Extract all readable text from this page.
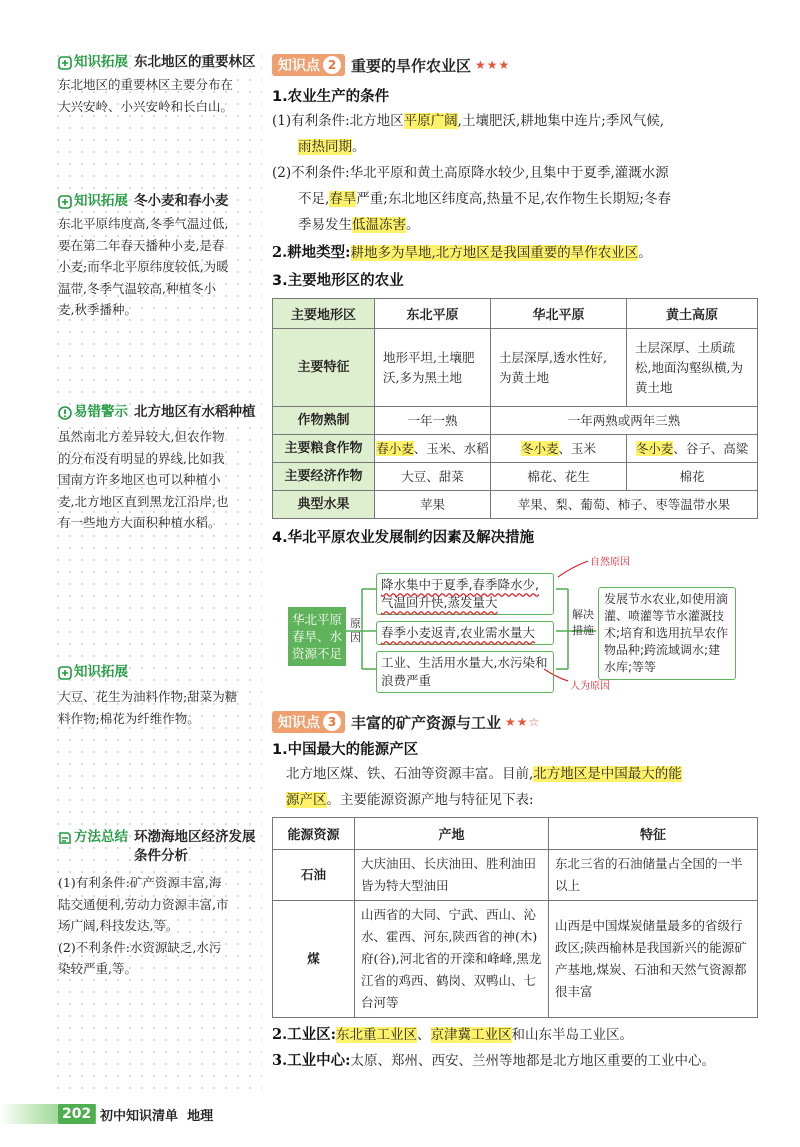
知识拓展 东北地区的重要林区

东北地区的重要林区主要分布在

大兴安岭、小兴安岭和长白山。

知识拓展 冬小麦和春小麦

东北平原纬度高,冬季气温过低,

要在第二年春天播种小麦,是春

小麦;而华北平原纬度较低,为暖

温带,冬季气温较高,种植冬小

麦,秋季播种。

易错警示 北方地区有水稻种植

虽然南北方差异较大,但农作物

的分布没有明显的界线,比如我

国南方许多地区也可以种植小

麦,北方地区直到黑龙江沿岸,也

有一些地方大面积种植水稻。

知识拓展

大豆、花生为油料作物;甜菜为糖

料作物;棉花为纤维作物。

方法总结 环渤海地区经济发展条件分析

(1)有利条件:矿产资源丰富,海

陆交通便利,劳动力资源丰富,市

场广阔,科技发达,等。

(2)不利条件:水资源缺乏,水污

染较严重,等。

知识点 2 重要的旱作农业区 ★★★
1.农业生产的条件
(1)有利条件:北方地区平原广阔,土壤肥沃,耕地集中连片;季风气候,
雨热同期。
(2)不利条件:华北平原和黄土高原降水较少,且集中于夏季,灌溉水源
不足,春旱严重;东北地区纬度高,热量不足,农作物生长期短;冬春
季易发生低温冻害。
2.耕地类型:耕地多为旱地,北方地区是我国重要的旱作农业区。
3.主要地形区的农业
主要地形区	东北平原	华北平原	黄土高原
主要特征	地形平坦,土壤肥沃,多为黑土地	土层深厚,透水性好,为黄土地	土层深厚、土质疏松,地面沟壑纵横,为黄土地
作物熟制	一年一熟	一年两熟或两年三熟	
主要粮食作物	春小麦、玉米、水稻	冬小麦、玉米	冬小麦、谷子、高粱
主要经济作物	大豆、甜菜	棉花、花生	棉花
典型水果	苹果	苹果、梨、葡萄、柿子、枣等温带水果	
4.华北平原农业发展制约因素及解决措施
华北平原春旱、水资源不足
原因
降水集中于夏季,春季降水少,气温回升快,蒸发量大
春季小麦返青,农业需水量大
工业、生活用水量大,水污染和浪费严重
解决措施
发展节水农业,如使用滴灌、喷灌等节水灌溉技术;培育和选用抗旱农作物品种;跨流域调水;建水库;等等
自然原因
人为原因
知识点 3 丰富的矿产资源与工业 ★★☆
1.中国最大的能源产区
北方地区煤、铁、石油等资源丰富。目前,北方地区是中国最大的能
源产区。主要能源资源产地与特征见下表:
能源资源	产地	特征
石油	大庆油田、长庆油田、胜利油田皆为特大型油田	东北三省的石油储量占全国的一半以上
煤	山西省的大同、宁武、西山、沁水、霍西、河东,陕西省的神(木)府(谷),河北省的开滦和峰峰,黑龙江省的鸡西、鹤岗、双鸭山、七台河等	山西是中国煤炭储量最多的省级行政区;陕西榆林是我国新兴的能源矿产基地,煤炭、石油和天然气资源都很丰富
2.工业区:东北重工业区、京津冀工业区和山东半岛工业区。
3.工业中心:太原、郑州、西安、兰州等地都是北方地区重要的工业中心。
202 初中知识清单 地理
